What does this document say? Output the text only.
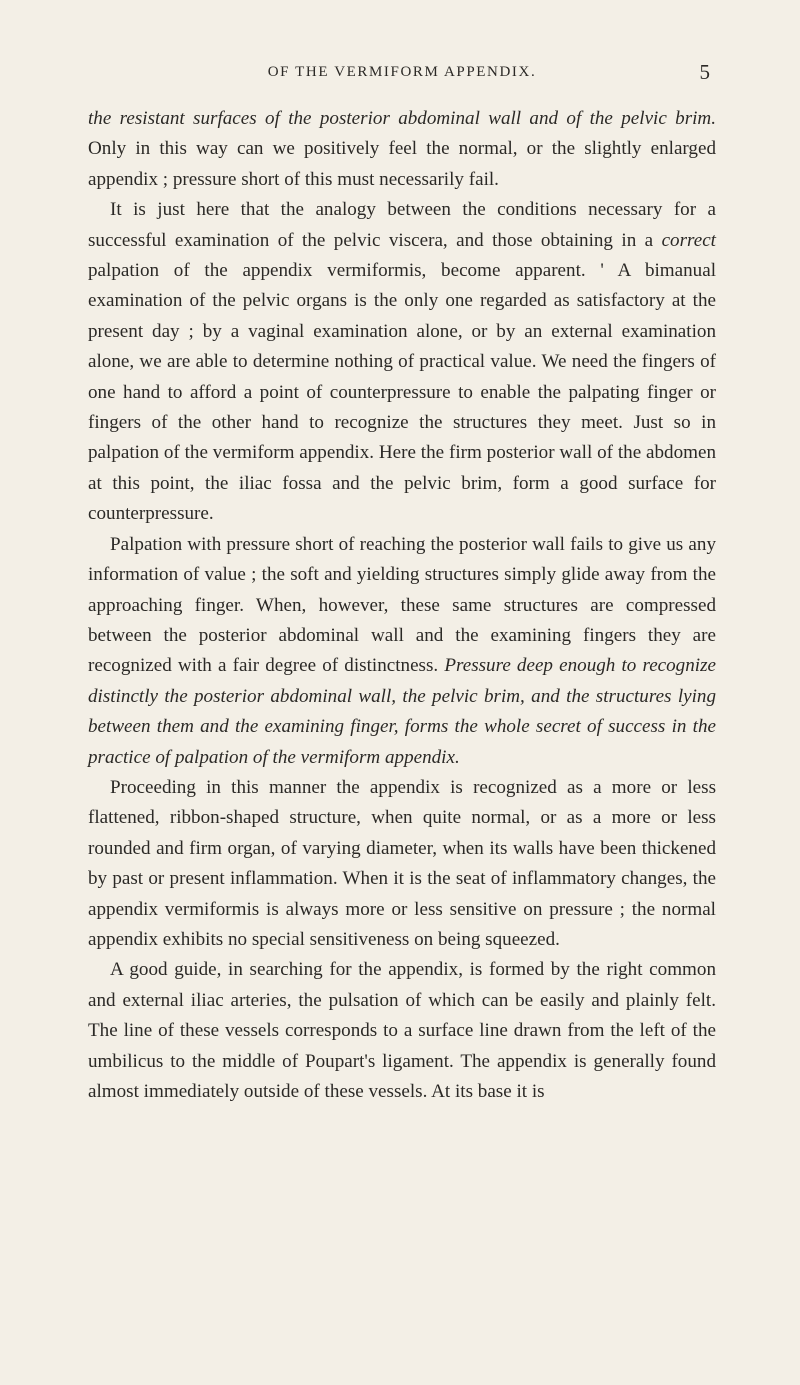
OF THE VERMIFORM APPENDIX.	5

the resistant surfaces of the posterior abdominal wall and of the pelvic brim. Only in this way can we positively feel the normal, or the slightly enlarged appendix ; pressure short of this must necessarily fail.

It is just here that the analogy between the conditions necessary for a successful examination of the pelvic viscera, and those obtaining in a correct palpation of the appendix vermiformis, become apparent. ' A bimanual examination of the pelvic organs is the only one regarded as satisfactory at the present day ; by a vaginal examination alone, or by an external examination alone, we are able to determine nothing of practical value. We need the fingers of one hand to afford a point of counterpressure to enable the palpating finger or fingers of the other hand to recognize the structures they meet. Just so in palpation of the vermiform appendix. Here the firm posterior wall of the abdomen at this point, the iliac fossa and the pelvic brim, form a good surface for counterpressure.

Palpation with pressure short of reaching the posterior wall fails to give us any information of value ; the soft and yielding structures simply glide away from the approaching finger. When, however, these same structures are compressed between the posterior abdominal wall and the examining fingers they are recognized with a fair degree of distinctness. Pressure deep enough to recognize distinctly the posterior abdominal wall, the pelvic brim, and the structures lying between them and the examining finger, forms the whole secret of success in the practice of palpation of the vermiform appendix.

Proceeding in this manner the appendix is recognized as a more or less flattened, ribbon-shaped structure, when quite normal, or as a more or less rounded and firm organ, of varying diameter, when its walls have been thickened by past or present inflammation. When it is the seat of inflammatory changes, the appendix vermiformis is always more or less sensitive on pressure ; the normal appendix exhibits no special sensitiveness on being squeezed.

A good guide, in searching for the appendix, is formed by the right common and external iliac arteries, the pulsation of which can be easily and plainly felt. The line of these vessels corresponds to a surface line drawn from the left of the umbilicus to the middle of Poupart's ligament. The appendix is generally found almost immediately outside of these vessels. At its base it is
